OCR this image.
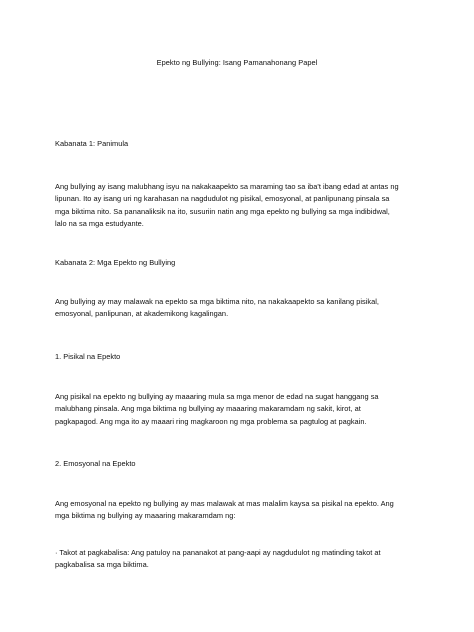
Epekto ng Bullying: Isang Pamanahonang Papel
Kabanata 1: Panimula
Ang bullying ay isang malubhang isyu na nakakaapekto sa maraming tao sa iba't ibang edad at antas ng
lipunan. Ito ay isang uri ng karahasan na nagdudulot ng pisikal, emosyonal, at panlipunang pinsala sa
mga biktima nito. Sa pananaliksik na ito, susuriin natin ang mga epekto ng bullying sa mga indibidwal,
lalo na sa mga estudyante.
Kabanata 2: Mga Epekto ng Bullying
Ang bullying ay may malawak na epekto sa mga biktima nito, na nakakaapekto sa kanilang pisikal,
emosyonal, panlipunan, at akademikong kagalingan.
1. Pisikal na Epekto
Ang pisikal na epekto ng bullying ay maaaring mula sa mga menor de edad na sugat hanggang sa
malubhang pinsala. Ang mga biktima ng bullying ay maaaring makaramdam ng sakit, kirot, at
pagkapagod. Ang mga ito ay maaari ring magkaroon ng mga problema sa pagtulog at pagkain.
2. Emosyonal na Epekto
Ang emosyonal na epekto ng bullying ay mas malawak at mas malalim kaysa sa pisikal na epekto. Ang
mga biktima ng bullying ay maaaring makaramdam ng:
· Takot at pagkabalisa: Ang patuloy na pananakot at pang-aapi ay nagdudulot ng matinding takot at
pagkabalisa sa mga biktima.
